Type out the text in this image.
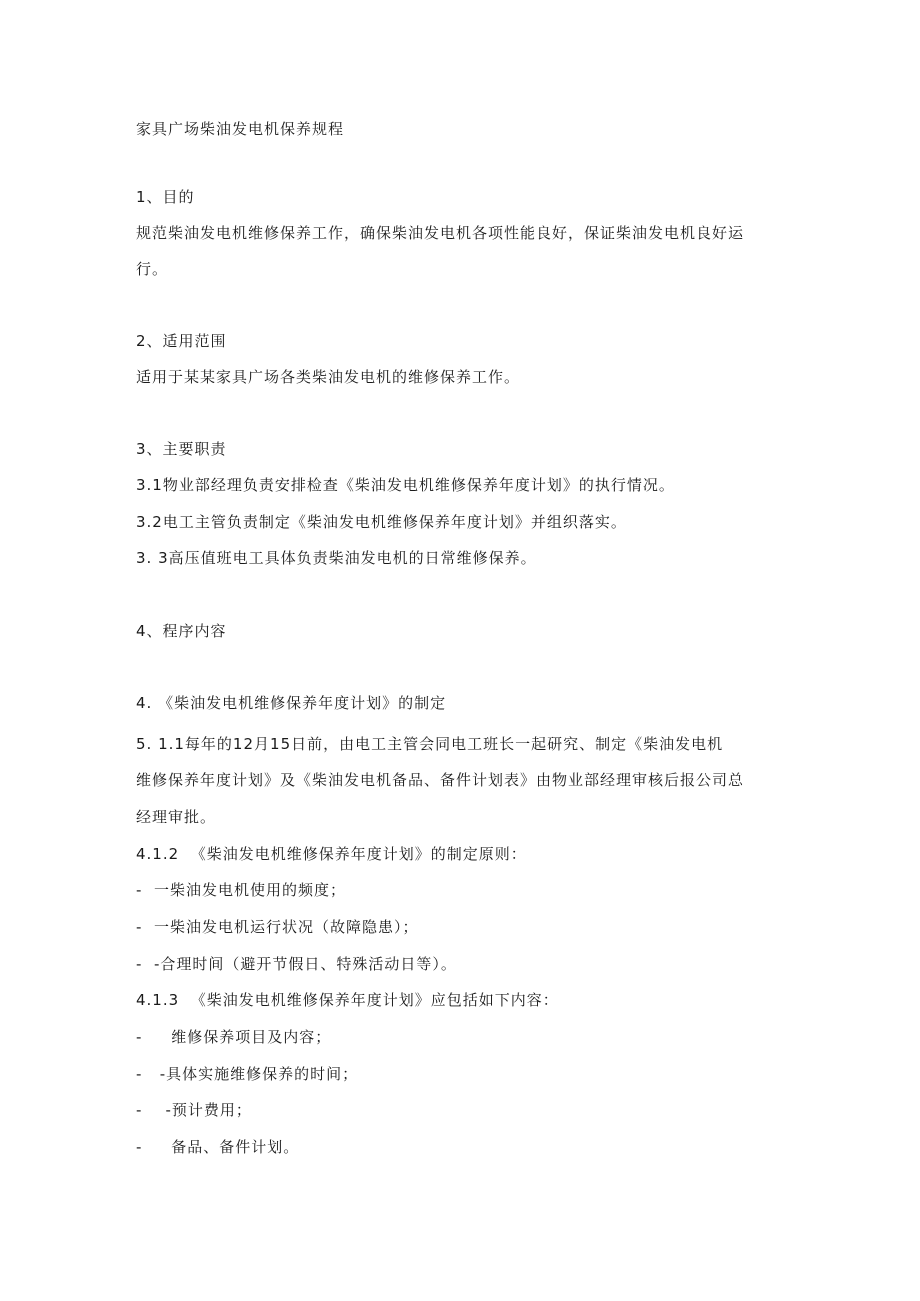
家具广场柴油发电机保养规程
1、目的
规范柴油发电机维修保养工作，确保柴油发电机各项性能良好，保证柴油发电机良好运
行。
2、适用范围
适用于某某家具广场各类柴油发电机的维修保养工作。
3、主要职责
3.1物业部经理负责安排检查《柴油发电机维修保养年度计划》的执行情况。
3.2电工主管负责制定《柴油发电机维修保养年度计划》并组织落实。
3. 3高压值班电工具体负责柴油发电机的日常维修保养。
4、程序内容
4. 《柴油发电机维修保养年度计划》的制定
5. 1.1每年的12月15日前，由电工主管会同电工班长一起研究、制定《柴油发电机
维修保养年度计划》及《柴油发电机备品、备件计划表》由物业部经理审核后报公司总
经理审批。
4.1.2  《柴油发电机维修保养年度计划》的制定原则：
-  一柴油发电机使用的频度；
-  一柴油发电机运行状况（故障隐患）；
-  -合理时间（避开节假日、特殊活动日等）。
4.1.3  《柴油发电机维修保养年度计划》应包括如下内容：
-     维修保养项目及内容；
-   -具体实施维修保养的时间；
-    -预计费用；
-     备品、备件计划。
